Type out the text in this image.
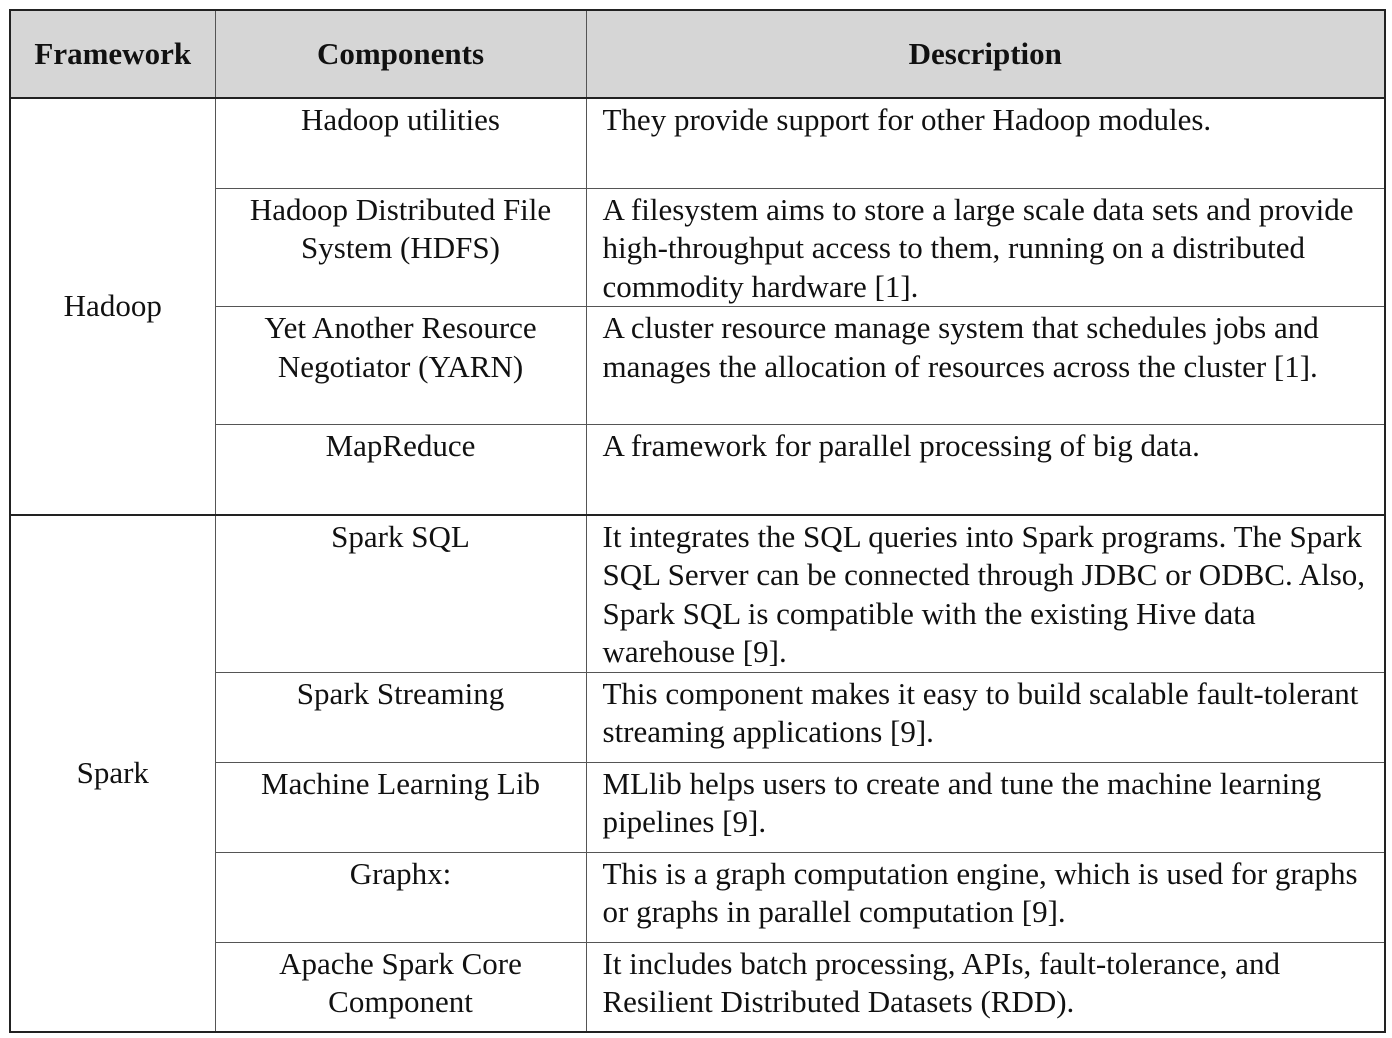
Framework	Components	Description
Hadoop	Hadoop utilities	They provide support for other Hadoop modules.
	Hadoop Distributed File System (HDFS)	A filesystem aims to store a large scale data sets and provide high-throughput access to them, running on a distributed commodity hardware [1].
	Yet Another Resource Negotiator (YARN)	A cluster resource manage system that schedules jobs and manages the allocation of resources across the cluster [1].
	MapReduce	A framework for parallel processing of big data.
Spark	Spark SQL	It integrates the SQL queries into Spark programs. The Spark SQL Server can be connected through JDBC or ODBC. Also, Spark SQL is compatible with the existing Hive data warehouse [9].
	Spark Streaming	This component makes it easy to build scalable fault-tolerant streaming applications [9].
	Machine Learning Lib	MLlib helps users to create and tune the machine learning pipelines [9].
	Graphx:	This is a graph computation engine, which is used for graphs or graphs in parallel computation [9].
	Apache Spark Core Component	It includes batch processing, APIs, fault-tolerance, and Resilient Distributed Datasets (RDD).
